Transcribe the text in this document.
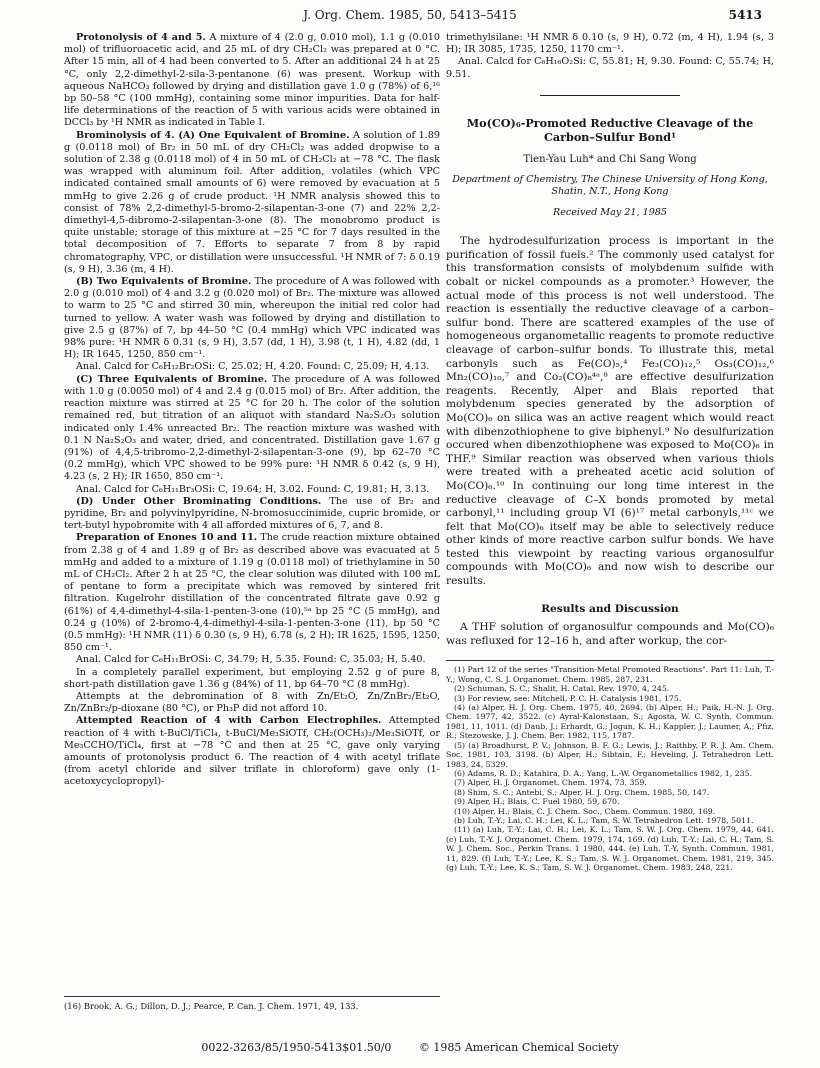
J. Org. Chem. 1985, 50, 5413–5415	5413

Protonolysis of 4 and 5. A mixture of 4 (2.0 g, 0.010 mol), 1.1 g (0.010 mol) of trifluoroacetic acid, and 25 mL of dry CH₂Cl₂ was prepared at 0 °C. After 15 min, all of 4 had been converted to 5. After an additional 24 h at 25 °C, only 2,2-dimethyl-2-sila-3-pentanone (6) was present. Workup with aqueous NaHCO₃ followed by drying and distillation gave 1.0 g (78%) of 6,¹⁶ bp 50–58 °C (100 mmHg), containing some minor impurities. Data for half-life determinations of the reaction of 5 with various acids were obtained in DCCl₃ by ¹H NMR as indicated in Table I.

Brominolysis of 4. (A) One Equivalent of Bromine. A solution of 1.89 g (0.0118 mol) of Br₂ in 50 mL of dry CH₂Cl₂ was added dropwise to a solution of 2.38 g (0.0118 mol) of 4 in 50 mL of CH₂Cl₂ at −78 °C. The flask was wrapped with aluminum foil. After addition, volatiles (which VPC indicated contained small amounts of 6) were removed by evacuation at 5 mmHg to give 2.26 g of crude product. ¹H NMR analysis showed this to consist of 78% 2,2-dimethyl-5-bromo-2-silapentan-3-one (7) and 22% 2,2-dimethyl-4,5-dibromo-2-silapentan-3-one (8). The monobromo product is quite unstable; storage of this mixture at −25 °C for 7 days resulted in the total decomposition of 7. Efforts to separate 7 from 8 by rapid chromatography, VPC, or distillation were unsuccessful. ¹H NMR of 7: δ 0.19 (s, 9 H), 3.36 (m, 4 H).

(B) Two Equivalents of Bromine. The procedure of A was followed with 2.0 g (0.010 mol) of 4 and 3.2 g (0.020 mol) of Br₂. The mixture was allowed to warm to 25 °C and stirred 30 min, whereupon the initial red color had turned to yellow. A water wash was followed by drying and distillation to give 2.5 g (87%) of 7, bp 44–50 °C (0.4 mmHg) which VPC indicated was 98% pure: ¹H NMR δ 0.31 (s, 9 H), 3.57 (dd, 1 H), 3.98 (t, 1 H), 4.82 (dd, 1 H); IR 1645, 1250, 850 cm⁻¹.

Anal. Calcd for C₆H₁₂Br₂OSi: C, 25.02; H, 4.20. Found: C, 25.09; H, 4.13.

(C) Three Equivalents of Bromine. The procedure of A was followed with 1.0 g (0.0050 mol) of 4 and 2.4 g (0.015 mol) of Br₂. After addition, the reaction mixture was stirred at 25 °C for 20 h. The color of the solution remained red, but titration of an aliquot with standard Na₂S₂O₃ solution indicated only 1.4% unreacted Br₂. The reaction mixture was washed with 0.1 N Na₂S₂O₃ and water, dried, and concentrated. Distillation gave 1.67 g (91%) of 4,4,5-tribromo-2,2-dimethyl-2-silapentan-3-one (9), bp 62–70 °C (0.2 mmHg), which VPC showed to be 99% pure: ¹H NMR δ 0.42 (s, 9 H), 4.23 (s, 2 H); IR 1650, 850 cm⁻¹.

Anal. Calcd for C₆H₁₁Br₃OSi: C, 19.64; H, 3.02. Found: C, 19.81; H, 3.13.

(D) Under Other Brominating Conditions. The use of Br₂ and pyridine, Br₂ and polyvinylpyridine, N-bromosuccinimide, cupric bromide, or tert-butyl hypobromite with 4 all afforded mixtures of 6, 7, and 8.

Preparation of Enones 10 and 11. The crude reaction mixture obtained from 2.38 g of 4 and 1.89 g of Br₂ as described above was evacuated at 5 mmHg and added to a mixture of 1.19 g (0.0118 mol) of triethylamine in 50 mL of CH₂Cl₂. After 2 h at 25 °C, the clear solution was diluted with 100 mL of pentane to form a precipitate which was removed by sintered frit filtration. Kugelrohr distillation of the concentrated filtrate gave 0.92 g (61%) of 4,4-dimethyl-4-sila-1-penten-3-one (10),⁵ᵃ bp 25 °C (5 mmHg), and 0.24 g (10%) of 2-bromo-4,4-dimethyl-4-sila-1-penten-3-one (11), bp 50 °C (0.5 mmHg): ¹H NMR (11) δ 0.30 (s, 9 H), 6.78 (s, 2 H); IR 1625, 1595, 1250, 850 cm⁻¹.

Anal. Calcd for C₆H₁₁BrOSi: C, 34.79; H, 5.35. Found: C, 35.03; H, 5.40.

In a completely parallel experiment, but employing 2.52 g of pure 8, short-path distillation gave 1.36 g (84%) of 11, bp 64–70 °C (8 mmHg).

Attempts at the debromination of 8 with Zn/Et₂O, Zn/ZnBr₂/Et₂O, Zn/ZnBr₂/p-dioxane (80 °C), or Ph₃P did not afford 10.

Attempted Reaction of 4 with Carbon Electrophiles. Attempted reaction of 4 with t-BuCl/TiCl₄, t-BuCl/Me₃SiOTf, CH₂(OCH₃)₂/Me₃SiOTf, or Me₃CCHO/TiCl₄, first at −78 °C and then at 25 °C, gave only varying amounts of protonolysis product 6. The reaction of 4 with acetyl triflate (from acetyl chloride and silver triflate in chloroform) gave only (1-acetoxycyclopropyl)-

(16) Brook, A. G.; Dillon, D. J.; Pearce, P. Can. J. Chem. 1971, 49, 133.

trimethylsilane: ¹H NMR δ 0.10 (s, 9 H), 0.72 (m, 4 H), 1.94 (s, 3 H); IR 3085, 1735, 1250, 1170 cm⁻¹.

Anal. Calcd for C₆H₁₆O₂Si: C, 55.81; H, 9.30. Found: C, 55.74; H, 9.51.

Mo(CO)₆-Promoted Reductive Cleavage of the Carbon–Sulfur Bond¹
Tien-Yau Luh* and Chi Sang Wong
Department of Chemistry, The Chinese University of Hong Kong, Shatin, N.T., Hong Kong
Received May 21, 1985

The hydrodesulfurization process is important in the purification of fossil fuels.² The commonly used catalyst for this transformation consists of molybdenum sulfide with cobalt or nickel compounds as a promoter.³ However, the actual mode of this process is not well understood. The reaction is essentially the reductive cleavage of a carbon–sulfur bond. There are scattered examples of the use of homogeneous organometallic reagents to promote reductive cleavage of carbon–sulfur bonds. To illustrate this, metal carbonyls such as Fe(CO)₅,⁴ Fe₃(CO)₁₂,⁵ Os₃(CO)₁₂,⁶ Mn₂(CO)₁₀,⁷ and Co₂(CO)₈⁴ᵃ,⁸ are effective desulfurization reagents. Recently, Alper and Blais reported that molybdenum species generated by the adsorption of Mo(CO)₆ on silica was an active reagent which would react with dibenzothiophene to give biphenyl.⁹ No desulfurization occured when dibenzothiophene was exposed to Mo(CO)₆ in THF.⁹ Similar reaction was observed when various thiols were treated with a preheated acetic acid solution of Mo(CO)₆.¹⁰ In continuing our long time interest in the reductive cleavage of C–X bonds promoted by metal carbonyl,¹¹ including group VI (6)¹⁷ metal carbonyls,¹¹ᶜ we felt that Mo(CO)₆ itself may be able to selectively reduce other kinds of more reactive carbon sulfur bonds. We have tested this viewpoint by reacting various organosulfur compounds with Mo(CO)₆ and now wish to describe our results.

Results and Discussion

A THF solution of organosulfur compounds and Mo(CO)₆ was refluxed for 12–16 h, and after workup, the cor-

(1) Part 12 of the series "Transition-Metal Promoted Reactions". Part 11: Luh, T.-Y.; Wong, C. S. J. Organomet. Chem. 1985, 287, 231.

(2) Schuman, S. C.; Shalit, H. Catal. Rev. 1970, 4, 245.

(3) For review, see: Mitchell, P. C. H. Catalysis 1981, 175.

(4) (a) Alper, H. J. Org. Chem. 1975, 40, 2694. (b) Alper, H.; Paik, H.-N. J. Org. Chem. 1977, 42, 3522. (c) Ayral-Kalonstaan, S.; Agosta, W. C. Synth. Commun. 1981, 11, 1011. (d) Daub, J.; Erhardt, G.; Jogun, K. H.; Kappler, J.; Laumer, A.; Pfiz, R.; Stezowske, J. J. Chem. Ber. 1982, 115, 1787.

(5) (a) Broadhurst, P. V.; Johnson, B. F. G.; Lewis, J.; Raithby, P. R. J. Am. Chem. Soc. 1981, 103, 3198. (b) Alper, H.; Sibtain, F.; Heveling, J. Tetrahedron Lett. 1983, 24, 5329.

(6) Adams, R. D.; Katahira, D. A.; Yang, L.-W. Organometallics 1982, 1, 235.

(7) Alper, H. J. Organomet. Chem. 1974, 73, 359.

(8) Shim, S. C.; Antebi, S.; Alper, H. J. Org. Chem. 1985, 50, 147.

(9) Alper, H.; Blais, C. Fuel 1980, 59, 670.

(10) Alper, H.; Blais, C. J. Chem. Soc., Chem. Commun. 1980, 169.

(b) Luh, T.-Y.; Lai, C. H.; Lei, K. L.; Tam, S. W. Tetrahedron Lett. 1978, 5011.

(11) (a) Luh, T.-Y.; Lai, C. H.; Lei, K. L.; Tam, S. W. J. Org. Chem. 1979, 44, 641. (c) Luh, T.-Y. J. Organomet. Chem. 1979, 174, 169. (d) Luh, T.-Y.; Lai, C. H.; Tam, S. W. J. Chem. Soc., Perkin Trans. 1 1980, 444. (e) Luh, T.-Y. Synth. Commun. 1981, 11, 829. (f) Luh, T.-Y.; Lee, K. S.; Tam, S. W. J. Organomet. Chem. 1981, 219, 345. (g) Luh, T.-Y.; Lee, K. S.; Tam, S. W. J. Organomet. Chem. 1983, 248, 221.

0022-3263/85/1950-5413$01.50/0	© 1985 American Chemical Society
